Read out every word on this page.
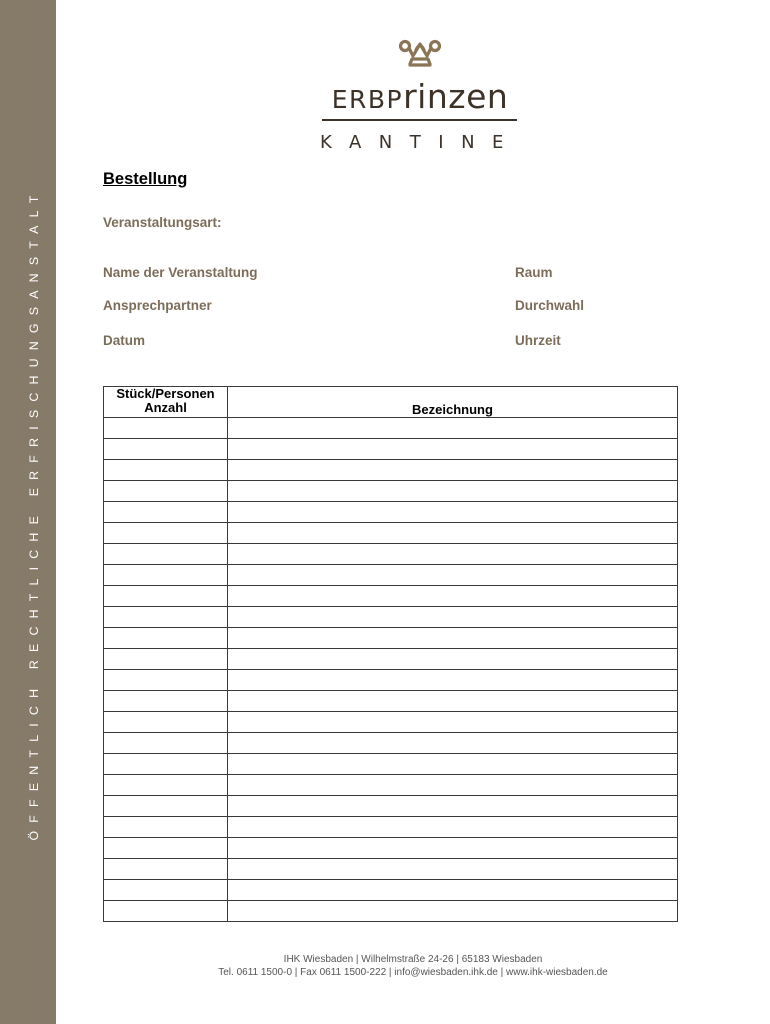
ÖFFENTLICH RECHTLICHE ERFRISCHUNGSANSTALT
ERBPrinzen
KANTINE
Bestellung
Veranstaltungsart:
Name der Veranstaltung	Raum
Ansprechpartner	Durchwahl
Datum	Uhrzeit
Stück/Personen
Anzahl	Bezeichnung

IHK Wiesbaden | Wilhelmstraße 24-26 | 65183 Wiesbaden
Tel. 0611 1500-0 | Fax 0611 1500-222 | info@wiesbaden.ihk.de | www.ihk-wiesbaden.de
